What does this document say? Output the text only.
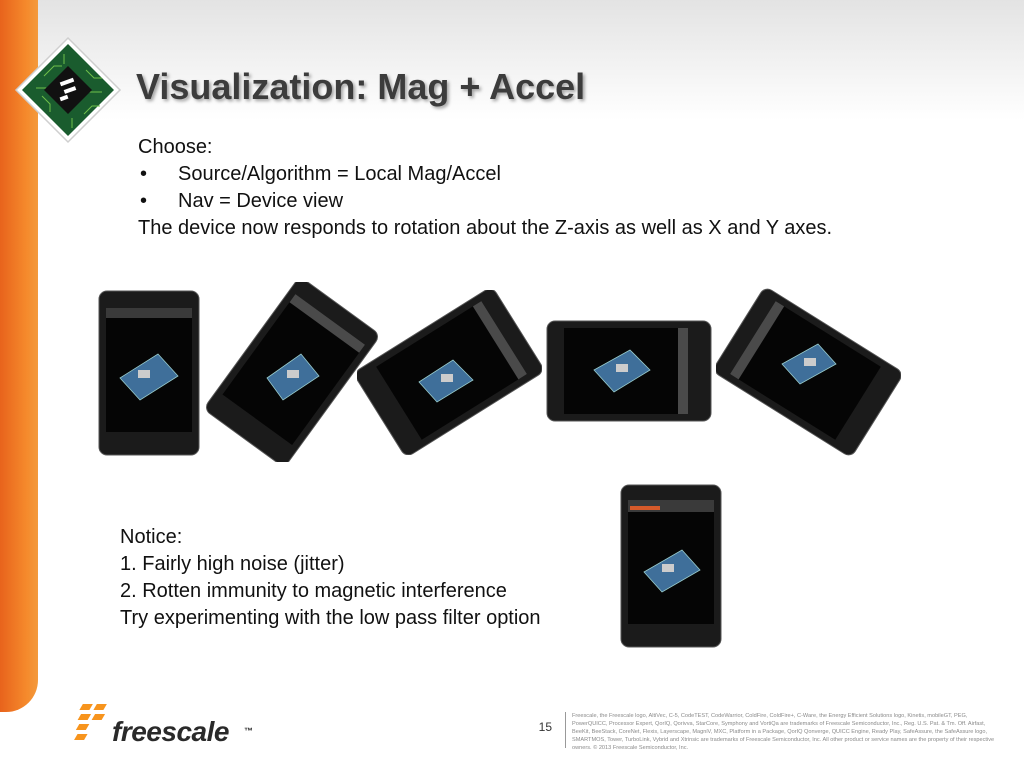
Visualization: Mag + Accel
Choose:
•	Source/Algorithm = Local Mag/Accel
•	Nav = Device view
The device now responds to rotation about the Z-axis as well as X and Y axes.
Notice:
1. Fairly high noise (jitter)
2. Rotten immunity to magnetic interference
Try experimenting with the low pass filter option
freescale ™	15
Freescale, the Freescale logo, AltiVec, C-5, CodeTEST, CodeWarrior, ColdFire, ColdFire+, C-Ware, the Energy Efficient Solutions logo, Kinetis, mobileGT, PEG, PowerQUICC, Processor Expert, QorIQ, Qorivva, StarCore, Symphony and VortiQa are trademarks of Freescale Semiconductor, Inc., Reg. U.S. Pat. & Tm. Off. Airfast, BeeKit, BeeStack, CoreNet, Flexis, Layerscape, MagniV, MXC, Platform in a Package, QorIQ Qonverge, QUICC Engine, Ready Play, SafeAssure, the SafeAssure logo, SMARTMOS, Tower, TurboLink, Vybrid and Xtrinsic are trademarks of Freescale Semiconductor, Inc. All other product or service names are the property of their respective owners. © 2013 Freescale Semiconductor, Inc.
